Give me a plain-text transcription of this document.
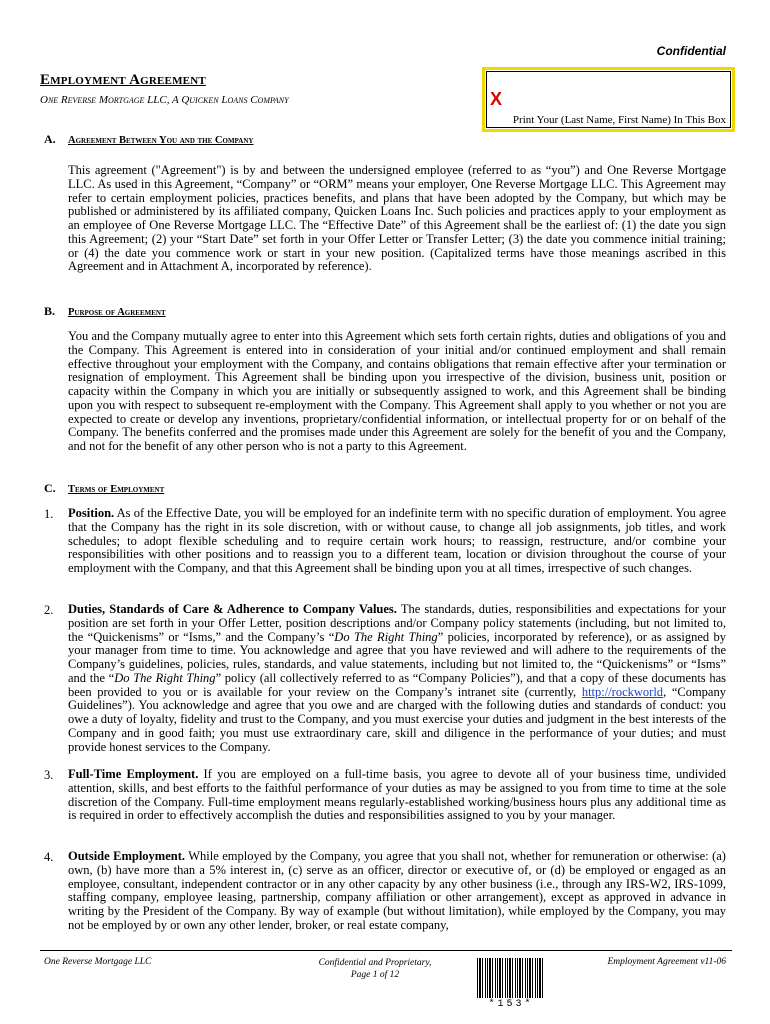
Confidential
Employment Agreement
One Reverse Mortgage LLC, A Quicken Loans Company	X
Print Your (Last Name, First Name) In This Box
A. Agreement Between You and the Company
This agreement ("Agreement") is by and between the undersigned employee (referred to as “you”) and One Reverse Mortgage LLC. As used in this Agreement, “Company” or “ORM” means your employer, One Reverse Mortgage LLC. This Agreement may refer to certain employment policies, practices benefits, and plans that have been adopted by the Company, but which may be published or administered by its affiliated company, Quicken Loans Inc. Such policies and practices apply to your employment as an employee of One Reverse Mortgage LLC. The “Effective Date” of this Agreement shall be the earliest of: (1) the date you sign this Agreement; (2) your “Start Date” set forth in your Offer Letter or Transfer Letter; (3) the date you commence initial training; or (4) the date you commence work or start in your new position. (Capitalized terms have those meanings ascribed in this Agreement and in Attachment A, incorporated by reference).
B. Purpose of Agreement
You and the Company mutually agree to enter into this Agreement which sets forth certain rights, duties and obligations of you and the Company. This Agreement is entered into in consideration of your initial and/or continued employment and shall remain effective throughout your employment with the Company, and contains obligations that remain effective after your termination or resignation of employment. This Agreement shall be binding upon you irrespective of the division, business unit, position or capacity within the Company in which you are initially or subsequently assigned to work, and this Agreement shall be binding upon you with respect to subsequent re-employment with the Company. This Agreement shall apply to you whether or not you are expected to create or develop any inventions, proprietary/confidential information, or intellectual property for or on behalf of the Company. The benefits conferred and the promises made under this Agreement are solely for the benefit of you and the Company, and not for the benefit of any other person who is not a party to this Agreement.
C. Terms of Employment
1. Position. As of the Effective Date, you will be employed for an indefinite term with no specific duration of employment. You agree that the Company has the right in its sole discretion, with or without cause, to change all job assignments, job titles, and work schedules; to adopt flexible scheduling and to require certain work hours; to reassign, restructure, and/or combine your responsibilities with other positions and to reassign you to a different team, location or division throughout the course of your employment with the Company, and that this Agreement shall be binding upon you at all times, irrespective of such changes.
2. Duties, Standards of Care & Adherence to Company Values. The standards, duties, responsibilities and expectations for your position are set forth in your Offer Letter, position descriptions and/or Company policy statements (including, but not limited to, the “Quickenisms” or “Isms,” and the Company’s “Do The Right Thing” policies, incorporated by reference), or as assigned by your manager from time to time. You acknowledge and agree that you have reviewed and will adhere to the requirements of the Company’s guidelines, policies, rules, standards, and value statements, including but not limited to, the “Quickenisms” or “Isms” and the “Do The Right Thing” policy (all collectively referred to as “Company Policies”), and that a copy of these documents has been provided to you or is available for your review on the Company’s intranet site (currently, http://rockworld, “Company Guidelines”). You acknowledge and agree that you owe and are charged with the following duties and standards of conduct: you owe a duty of loyalty, fidelity and trust to the Company, and you must exercise your duties and judgment in the best interests of the Company and in good faith; you must use extraordinary care, skill and diligence in the performance of your duties; and must provide honest services to the Company.
3. Full-Time Employment. If you are employed on a full-time basis, you agree to devote all of your business time, undivided attention, skills, and best efforts to the faithful performance of your duties as may be assigned to you from time to time at the sole discretion of the Company. Full-time employment means regularly-established working/business hours plus any additional time as is required in order to effectively accomplish the duties and responsibilities assigned to you by your manager.
4. Outside Employment. While employed by the Company, you agree that you shall not, whether for remuneration or otherwise: (a) own, (b) have more than a 5% interest in, (c) serve as an officer, director or executive of, or (d) be employed or engaged as an employee, consultant, independent contractor or in any other capacity by any other business (i.e., through any IRS-W2, IRS-1099, staffing company, employee leasing, partnership, company affiliation or other arrangement), except as approved in advance in writing by the President of the Company. By way of example (but without limitation), while employed by the Company, you may not be employed by or own any other lender, broker, or real estate company,
One Reverse Mortgage LLC	Confidential and Proprietary,
Page 1 of 12
Employment Agreement v11-06
*153*
